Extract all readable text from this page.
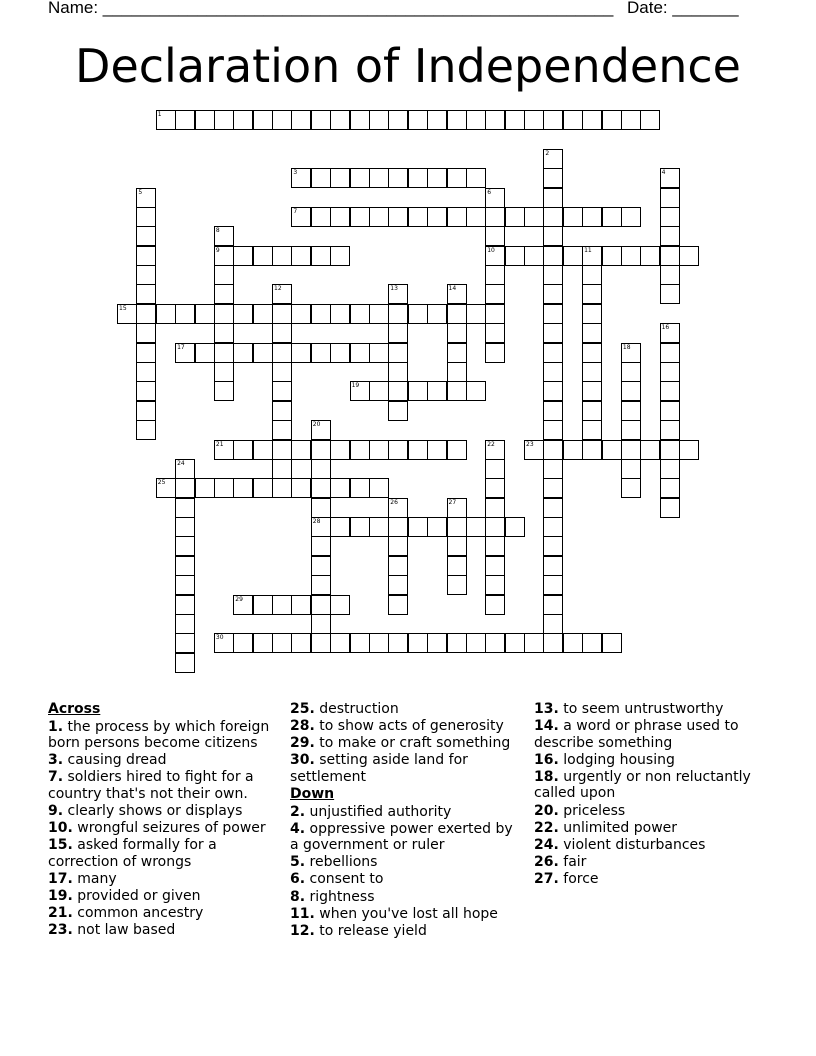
Name: ______________________________________________________ Date: _______
Declaration of Independence
1
2
3	4
5	6
10
7
8
9	11
12	13	14
15
16
17	18
19
20
28
21	22	23
24
25
26	27
29
30
Across
1. the process by which foreign born persons become citizens
3. causing dread
7. soldiers hired to fight for a country that's not their own.
9. clearly shows or displays
10. wrongful seizures of power
15. asked formally for a correction of wrongs
17. many
19. provided or given
21. common ancestry
23. not law based
25. destruction
28. to show acts of generosity
29. to make or craft something
30. setting aside land for settlement
Down
2. unjustified authority
4. oppressive power exerted by a government or ruler
5. rebellions
6. consent to
8. rightness
11. when you've lost all hope
12. to release yield
13. to seem untrustworthy
14. a word or phrase used to describe something
16. lodging housing
18. urgently or non reluctantly called upon
20. priceless
22. unlimited power
24. violent disturbances
26. fair
27. force
